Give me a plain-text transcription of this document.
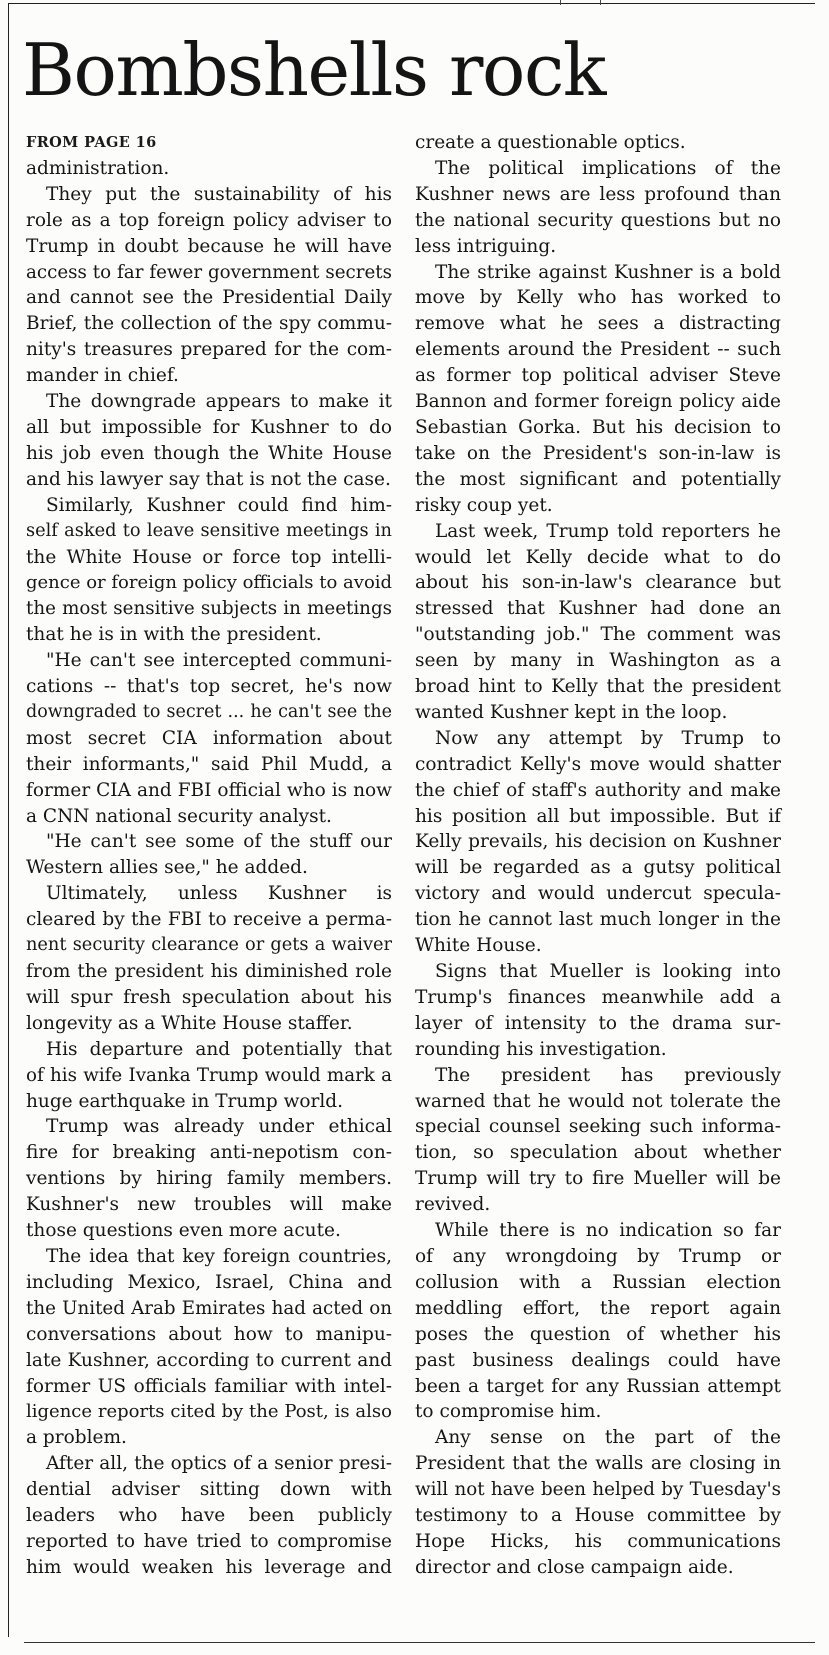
Bombshells rock
FROM PAGE 16
administration.
They put the sustainability of his
role as a top foreign policy adviser to
Trump in doubt because he will have
access to far fewer government secrets
and cannot see the Presidential Daily
Brief, the collection of the spy commu-
nity's treasures prepared for the com-
mander in chief.
The downgrade appears to make it
all but impossible for Kushner to do
his job even though the White House
and his lawyer say that is not the case.
Similarly, Kushner could find him-
self asked to leave sensitive meetings in
the White House or force top intelli-
gence or foreign policy officials to avoid
the most sensitive subjects in meetings
that he is in with the president.
"He can't see intercepted communi-
cations -- that's top secret, he's now
downgraded to secret ... he can't see the
most secret CIA information about
their informants," said Phil Mudd, a
former CIA and FBI official who is now
a CNN national security analyst.
"He can't see some of the stuff our
Western allies see," he added.
Ultimately, unless Kushner is
cleared by the FBI to receive a perma-
nent security clearance or gets a waiver
from the president his diminished role
will spur fresh speculation about his
longevity as a White House staffer.
His departure and potentially that
of his wife Ivanka Trump would mark a
huge earthquake in Trump world.
Trump was already under ethical
fire for breaking anti-nepotism con-
ventions by hiring family members.
Kushner's new troubles will make
those questions even more acute.
The idea that key foreign countries,
including Mexico, Israel, China and
the United Arab Emirates had acted on
conversations about how to manipu-
late Kushner, according to current and
former US officials familiar with intel-
ligence reports cited by the Post, is also
a problem.
After all, the optics of a senior presi-
dential adviser sitting down with
leaders who have been publicly
reported to have tried to compromise
him would weaken his leverage and
create a questionable optics.
The political implications of the
Kushner news are less profound than
the national security questions but no
less intriguing.
The strike against Kushner is a bold
move by Kelly who has worked to
remove what he sees a distracting
elements around the President -- such
as former top political adviser Steve
Bannon and former foreign policy aide
Sebastian Gorka. But his decision to
take on the President's son-in-law is
the most significant and potentially
risky coup yet.
Last week, Trump told reporters he
would let Kelly decide what to do
about his son-in-law's clearance but
stressed that Kushner had done an
"outstanding job." The comment was
seen by many in Washington as a
broad hint to Kelly that the president
wanted Kushner kept in the loop.
Now any attempt by Trump to
contradict Kelly's move would shatter
the chief of staff's authority and make
his position all but impossible. But if
Kelly prevails, his decision on Kushner
will be regarded as a gutsy political
victory and would undercut specula-
tion he cannot last much longer in the
White House.
Signs that Mueller is looking into
Trump's finances meanwhile add a
layer of intensity to the drama sur-
rounding his investigation.
The president has previously
warned that he would not tolerate the
special counsel seeking such informa-
tion, so speculation about whether
Trump will try to fire Mueller will be
revived.
While there is no indication so far
of any wrongdoing by Trump or
collusion with a Russian election
meddling effort, the report again
poses the question of whether his
past business dealings could have
been a target for any Russian attempt
to compromise him.
Any sense on the part of the
President that the walls are closing in
will not have been helped by Tuesday's
testimony to a House committee by
Hope Hicks, his communications
director and close campaign aide.
